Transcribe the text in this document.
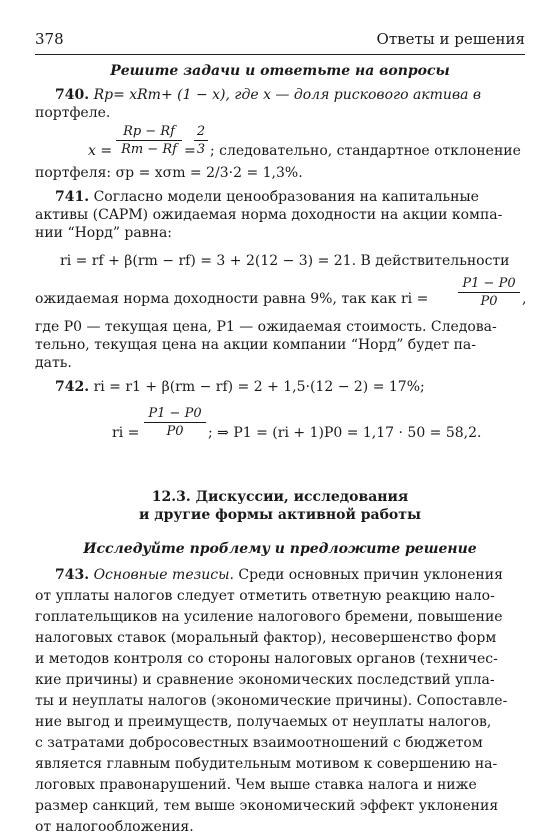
378	Ответы и решения
Решите задачи и ответьте на вопросы
740. Rp= xRm+ (1 − x), где x — доля рискового актива в
портфеле.
x =
Rp − Rf
Rm − Rf =
2
3 ; следовательно, стандартное отклонение
портфеля: σp = xσm = 2/3·2 = 1,3%.
741. Согласно модели ценообразования на капитальные
активы (CAPM) ожидаемая норма доходности на акции компа-
нии “Норд” равна:
ri = rf + β(rm − rf) = 3 + 2(12 − 3) = 21. В действительности
ожидаемая норма доходности равна 9%, так как ri =
P1 − P0
P0	,
где P0 — текущая цена, P1 — ожидаемая стоимость. Следова-
тельно, текущая цена на акции компании “Норд” будет па-
дать.
742. ri = r1 + β(rm − rf) = 2 + 1,5·(12 − 2) = 17%;
ri =
P1 − P0
P0	; ⇒ P1 = (ri + 1)P0 = 1,17 · 50 = 58,2.
12.3. Дискуссии, исследования
и другие формы активной работы
Исследуйте проблему и предложите решение
743. Основные тезисы. Среди основных причин уклонения
от уплаты налогов следует отметить ответную реакцию нало-
гоплательщиков на усиление налогового бремени, повышение
налоговых ставок (моральный фактор), несовершенство форм
и методов контроля со стороны налоговых органов (техничес-
кие причины) и сравнение экономических последствий упла-
ты и неуплаты налогов (экономические причины). Сопоставле-
ние выгод и преимуществ, получаемых от неуплаты налогов,
с затратами добросовестных взаимоотношений с бюджетом
является главным побудительным мотивом к совершению на-
логовых правонарушений. Чем выше ставка налога и ниже
размер санкций, тем выше экономический эффект уклонения
от налогообложения.
